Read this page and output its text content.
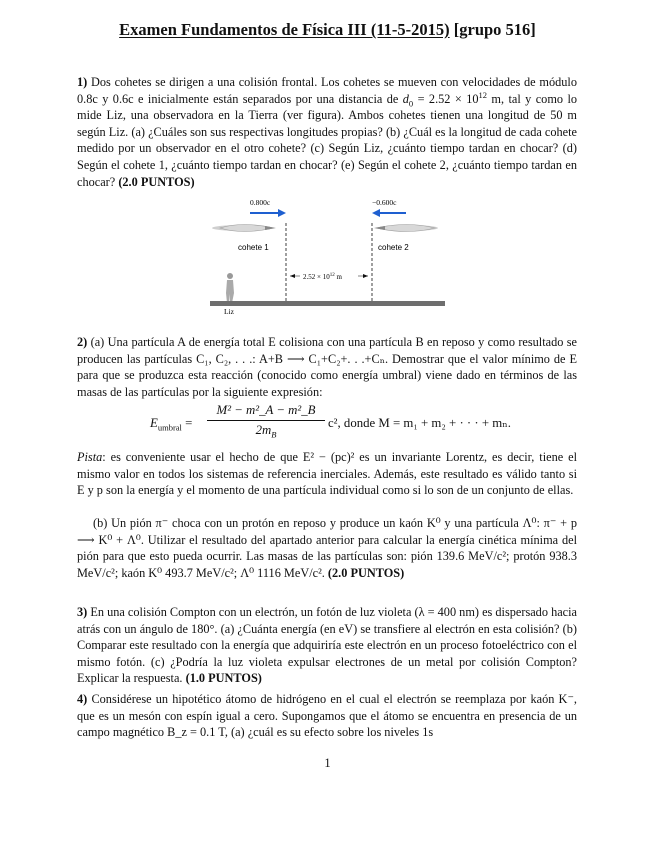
Examen Fundamentos de Física III (11-5-2015) [grupo 516]
1) Dos cohetes se dirigen a una colisión frontal. Los cohetes se mueven con velocidades de módulo 0.8c y 0.6c e inicialmente están separados por una distancia de $d_0 = 2.52 \times 10^{12}$ m, tal y como lo mide Liz, una observadora en la Tierra (ver figura). Ambos cohetes tienen una longitud de 50 m según Liz. (a) ¿Cuáles son sus respectivas longitudes propias? (b) ¿Cuál es la longitud de cada cohete medido por un observador en el otro cohete? (c) Según Liz, ¿cuánto tiempo tardan en chocar? (d) Según el cohete 1, ¿cuánto tiempo tardan en chocar? (e) Según el cohete 2, ¿cuánto tiempo tardan en chocar? (2.0 PUNTOS)
0.800c	−0.600c
cohete 1	cohete 2
$2.52 \times 10^{12}$ m
Liz
2) (a) Una partícula A de energía total E colisiona con una partícula B en reposo y como resultado se producen las partículas C₁, C₂, . . .: A+B ⟶ C₁+C₂+. . .+Cₙ. Demostrar que el valor mínimo de E para que se produzca esta reacción (conocido como energía umbral) viene dado en términos de las masas de las partículas por la siguiente expresión:
$E_{umbral} = \frac{\text{M² − m²\_A − m²\_B}}{2m_B} c^2$, donde M = m₁ + m₂ + · · · + mₙ.
Pista: es conveniente usar el hecho de que E² − (pc)² es un invariante Lorentz, es decir, tiene el mismo valor en todos los sistemas de referencia inerciales. Además, este resultado es válido tanto si E y p son la energía y el momento de una partícula individual como si lo son de un conjunto de ellas.
(b) Un pión π⁻ choca con un protón en reposo y produce un kaón K⁰ y una partícula Λ⁰: π⁻ + p ⟶ K⁰ + Λ⁰. Utilizar el resultado del apartado anterior para calcular la energía cinética mínima del pión para que esto pueda ocurrir. Las masas de las partículas son: pión 139.6 MeV/c²; protón 938.3 MeV/c²; kaón K⁰ 493.7 MeV/c²; Λ⁰ 1116 MeV/c². (2.0 PUNTOS)
3) En una colisión Compton con un electrón, un fotón de luz violeta (λ = 400 nm) es dispersado hacia atrás con un ángulo de 180°. (a) ¿Cuánta energía (en eV) se transfiere al electrón en esta colisión? (b) Comparar este resultado con la energía que adquiriría este electrón en un proceso fotoeléctrico con el mismo fotón. (c) ¿Podría la luz violeta expulsar electrones de un metal por colisión Compton? Explicar la respuesta. (1.0 PUNTOS)
4) Considérese un hipotético átomo de hidrógeno en el cual el electrón se reemplaza por kaón K⁻, que es un mesón con espín igual a cero. Supongamos que el átomo se encuentra en presencia de un campo magnético B_z = 0.1 T, (a) ¿cuál es su efecto sobre los niveles 1s
1
